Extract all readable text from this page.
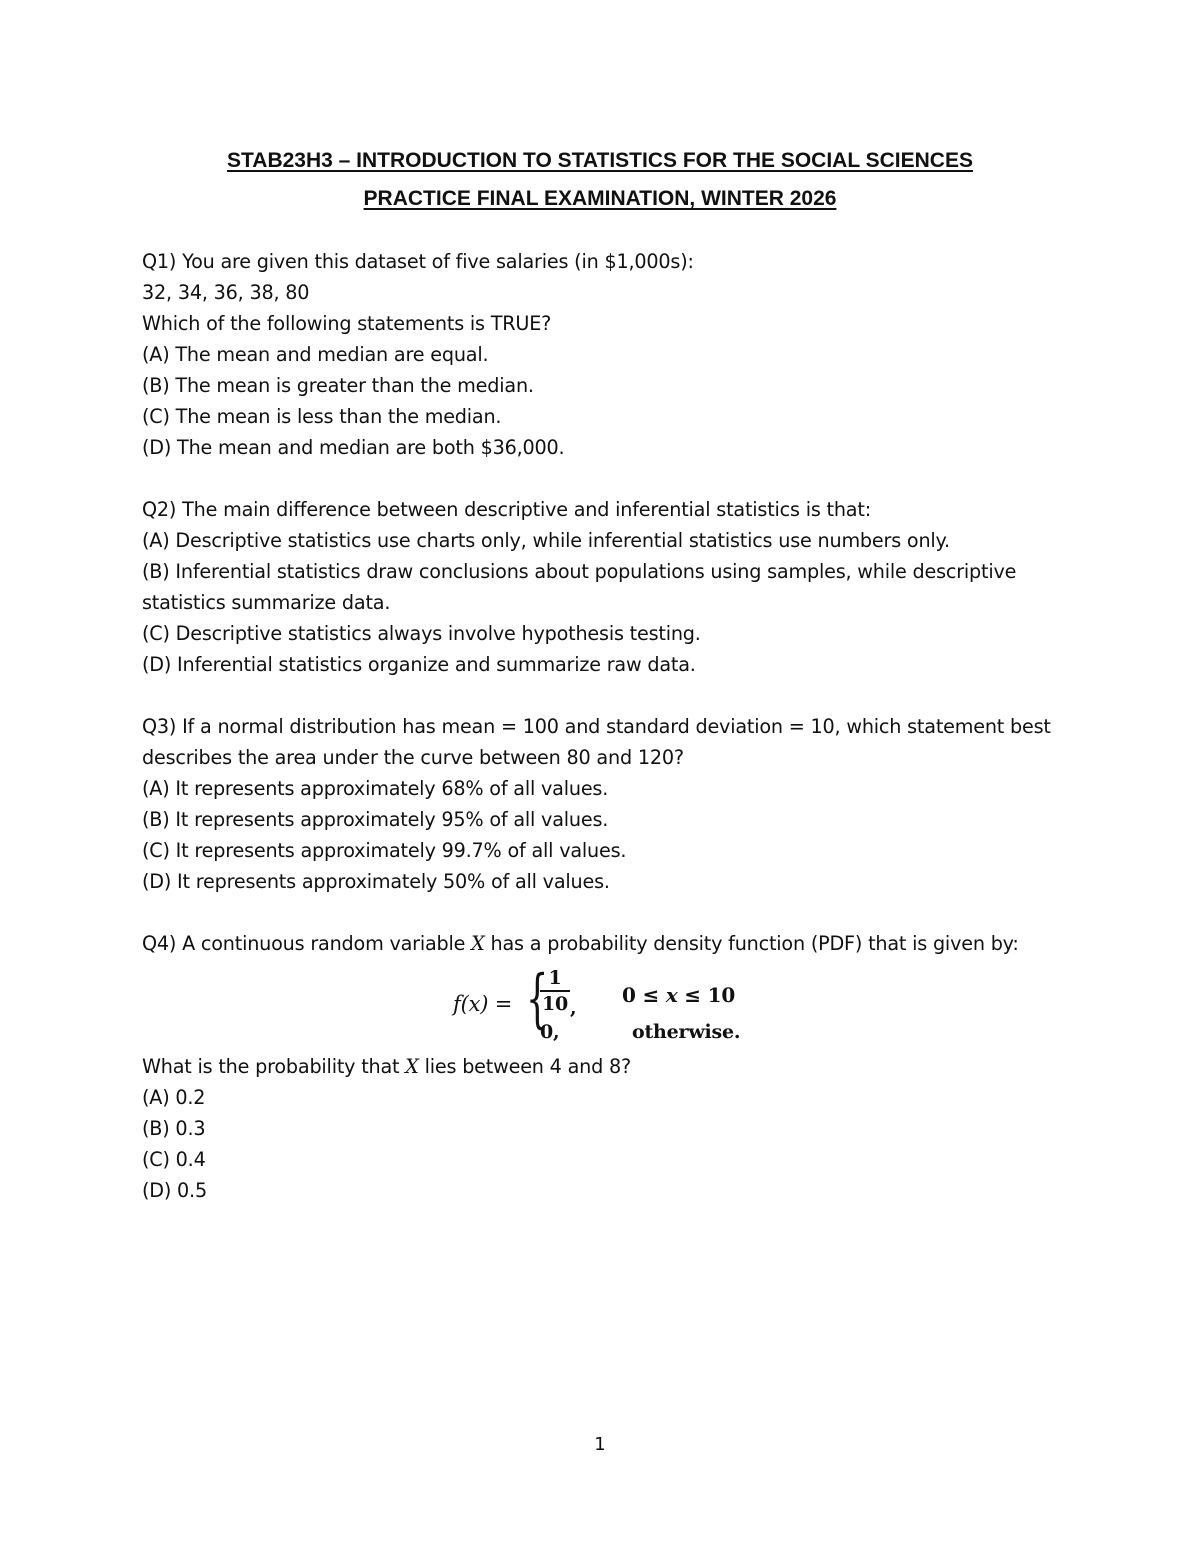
STAB23H3 – INTRODUCTION TO STATISTICS FOR THE SOCIAL SCIENCES
PRACTICE FINAL EXAMINATION, WINTER 2026

Q1) You are given this dataset of five salaries (in $1,000s):

32, 34, 36, 38, 80

Which of the following statements is TRUE?

(A) The mean and median are equal.

(B) The mean is greater than the median.

(C) The mean is less than the median.

(D) The mean and median are both $36,000.

Q2) The main difference between descriptive and inferential statistics is that:

(A) Descriptive statistics use charts only, while inferential statistics use numbers only.

(B) Inferential statistics draw conclusions about populations using samples, while descriptive statistics summarize data.

(C) Descriptive statistics always involve hypothesis testing.

(D) Inferential statistics organize and summarize raw data.

Q3) If a normal distribution has mean = 100 and standard deviation = 10, which statement best describes the area under the curve between 80 and 120?

(A) It represents approximately 68% of all values.

(B) It represents approximately 95% of all values.

(C) It represents approximately 99.7% of all values.

(D) It represents approximately 50% of all values.

Q4) A continuous random variable X has a probability density function (PDF) that is given by:

f(x) = { 1
10 ,
0 ≤ x ≤ 10
0,	otherwise.

What is the probability that X lies between 4 and 8?

(A) 0.2

(B) 0.3

(C) 0.4

(D) 0.5

1
